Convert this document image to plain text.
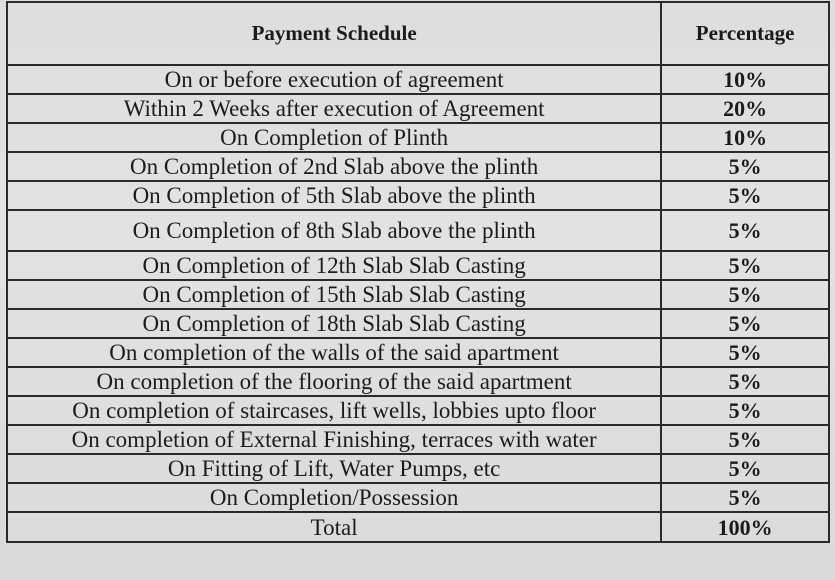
Payment Schedule	Percentage
On or before execution of agreement	10%
Within 2 Weeks after execution of Agreement	20%
On Completion of Plinth	10%
On Completion of 2nd Slab above the plinth	5%
On Completion of 5th Slab above the plinth	5%
On Completion of 8th Slab above the plinth	5%
On Completion of 12th Slab Slab Casting	5%
On Completion of 15th Slab Slab Casting	5%
On Completion of 18th Slab Slab Casting	5%
On completion of the walls of the said apartment	5%
On completion of the flooring of the said apartment	5%
On completion of staircases, lift wells, lobbies upto floor	5%
On completion of External Finishing, terraces with water	5%
On Fitting of Lift, Water Pumps, etc	5%
On Completion/Possession	5%
Total	100%
